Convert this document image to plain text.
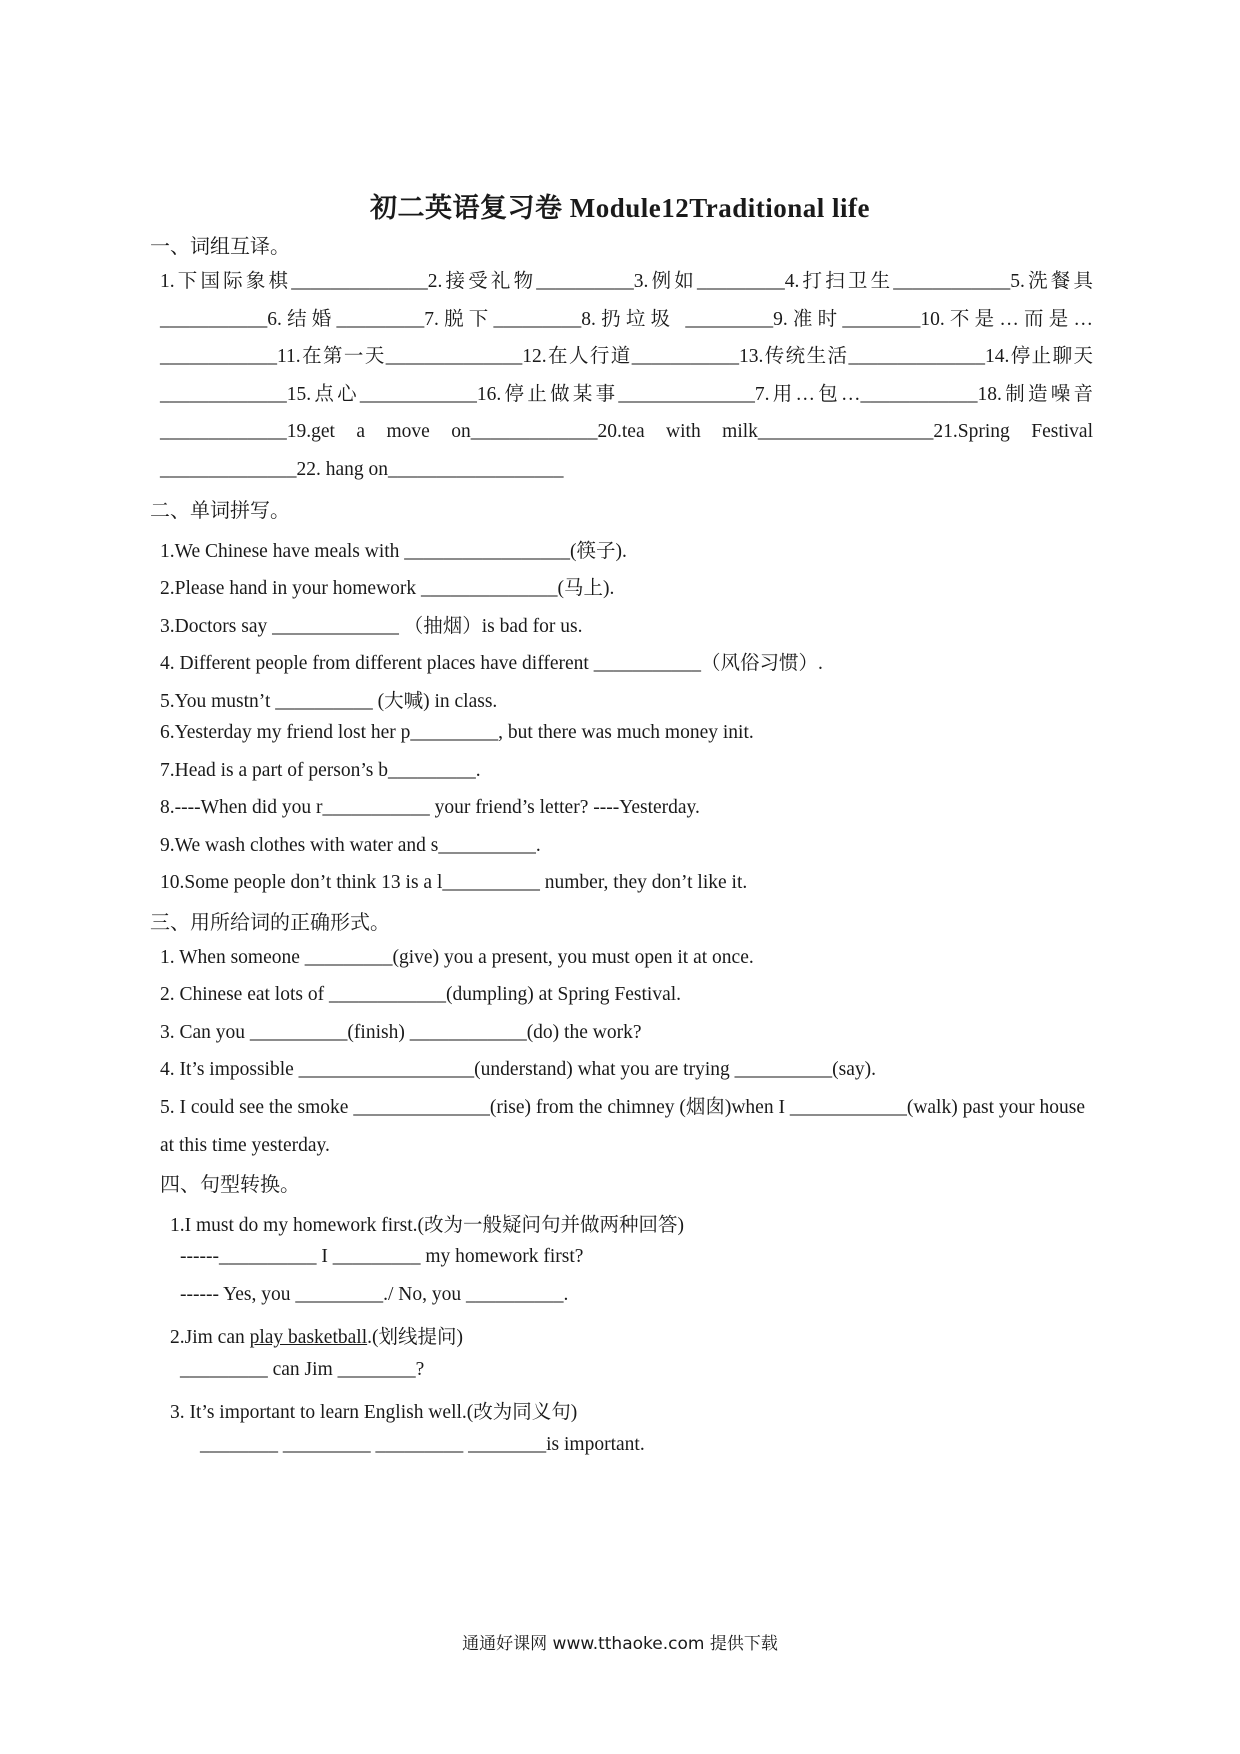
初二英语复习卷 Module12Traditional life
一、词组互译。
1.下国际象棋______________2.接受礼物__________3.例如_________4.打扫卫生____________5.洗餐具___________6.结婚_________7.脱下_________8.扔垃圾 _________9.准时________10.不是…而是…____________11.在第一天______________12.在人行道___________13.传统生活______________14.停止聊天_____________15.点心____________16.停止做某事______________7.用…包…____________18.制造噪音_____________19.get a move on_____________20.tea with milk__________________21.Spring Festival ______________22. hang on__________________
二、单词拼写。
1.We Chinese have meals with _________________(筷子).
2.Please hand in your homework ______________(马上).
3.Doctors say _____________ （抽烟）is bad for us.
4. Different people from different places have different ___________（风俗习惯）.
5.You mustn’t __________ (大喊) in class.
6.Yesterday my friend lost her p_________, but there was much money init.
7.Head is a part of person’s b_________.
8.----When did you r___________ your friend’s letter? ----Yesterday.
9.We wash clothes with water and s__________.
10.Some people don’t think 13 is a l__________ number, they don’t like it.
三、用所给词的正确形式。
1. When someone _________(give) you a present, you must open it at once.
2. Chinese eat lots of ____________(dumpling) at Spring Festival.
3. Can you __________(finish) ____________(do) the work?
4. It’s impossible __________________(understand) what you are trying __________(say).
5. I could see the smoke ______________(rise) from the chimney (烟囱)when I ____________(walk) past your house at this time yesterday.
四、句型转换。
1.I must do my homework first.(改为一般疑问句并做两种回答)
------__________ I _________ my homework first?
------ Yes, you _________./ No, you __________.
2.Jim can play basketball.(划线提问)
_________ can Jim ________?
3. It’s important to learn English well.(改为同义句)
________ _________ _________ ________is important.
通通好课网 www.tthaoke.com 提供下载
